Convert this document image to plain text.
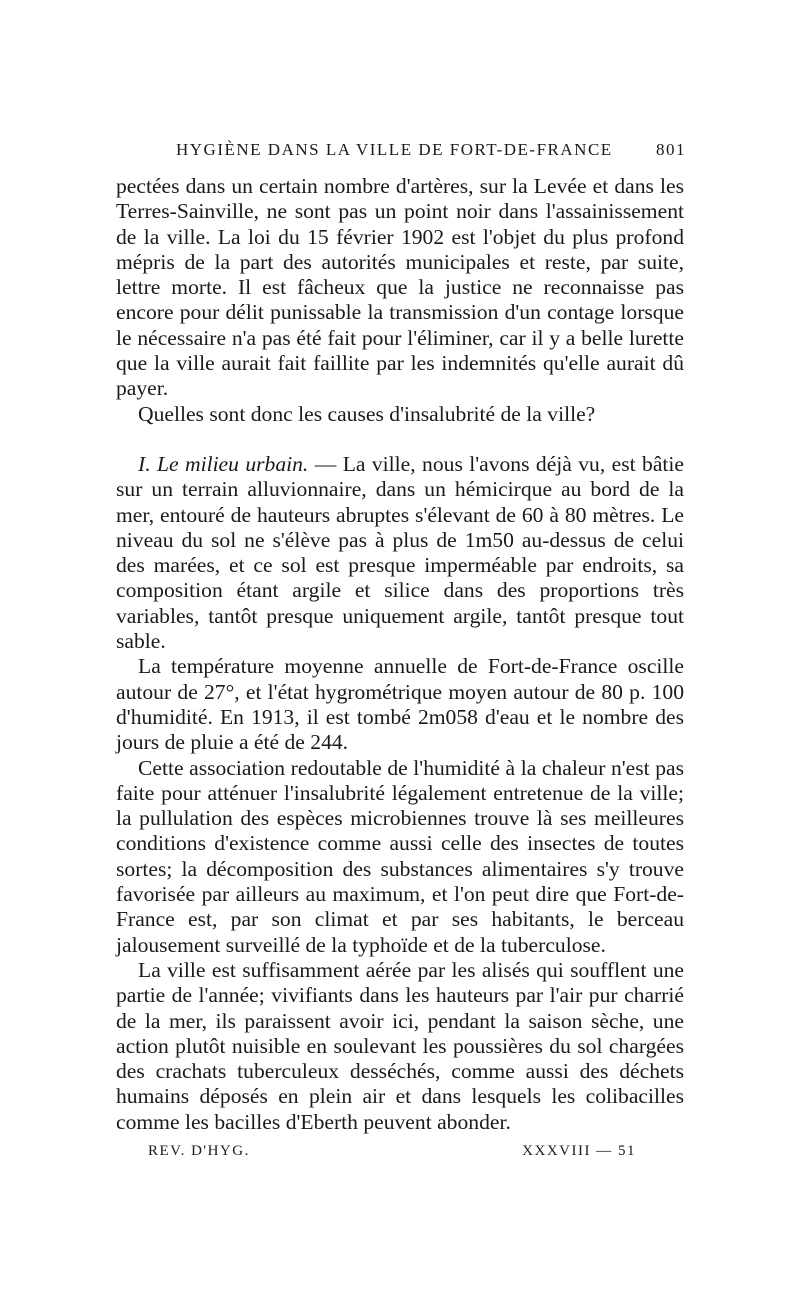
HYGIÈNE DANS LA VILLE DE FORT-DE-FRANCE	801

pectées dans un certain nombre d'artères, sur la Levée et dans les Terres-Sainville, ne sont pas un point noir dans l'assainissement de la ville. La loi du 15 février 1902 est l'objet du plus profond mépris de la part des autorités municipales et reste, par suite, lettre morte. Il est fâcheux que la justice ne reconnaisse pas encore pour délit punissable la transmission d'un contage lorsque le nécessaire n'a pas été fait pour l'éliminer, car il y a belle lurette que la ville aurait fait faillite par les indemnités qu'elle aurait dû payer.

Quelles sont donc les causes d'insalubrité de la ville?

I. Le milieu urbain. — La ville, nous l'avons déjà vu, est bâtie sur un terrain alluvionnaire, dans un hémicirque au bord de la mer, entouré de hauteurs abruptes s'élevant de 60 à 80 mètres. Le niveau du sol ne s'élève pas à plus de 1m50 au-dessus de celui des marées, et ce sol est presque imperméable par endroits, sa composition étant argile et silice dans des proportions très variables, tantôt presque uniquement argile, tantôt presque tout sable.

La température moyenne annuelle de Fort-de-France oscille autour de 27°, et l'état hygrométrique moyen autour de 80 p. 100 d'humidité. En 1913, il est tombé 2m058 d'eau et le nombre des jours de pluie a été de 244.

Cette association redoutable de l'humidité à la chaleur n'est pas faite pour atténuer l'insalubrité légalement entretenue de la ville; la pullulation des espèces microbiennes trouve là ses meilleures conditions d'existence comme aussi celle des insectes de toutes sortes; la décomposition des substances alimentaires s'y trouve favorisée par ailleurs au maximum, et l'on peut dire que Fort-de-France est, par son climat et par ses habitants, le berceau jalousement surveillé de la typhoïde et de la tuberculose.

La ville est suffisamment aérée par les alisés qui soufflent une partie de l'année; vivifiants dans les hauteurs par l'air pur charrié de la mer, ils paraissent avoir ici, pendant la saison sèche, une action plutôt nuisible en soulevant les poussières du sol chargées des crachats tuberculeux desséchés, comme aussi des déchets humains déposés en plein air et dans lesquels les colibacilles comme les bacilles d'Eberth peuvent abonder.

REV. D'HYG.	XXXVIII — 51
